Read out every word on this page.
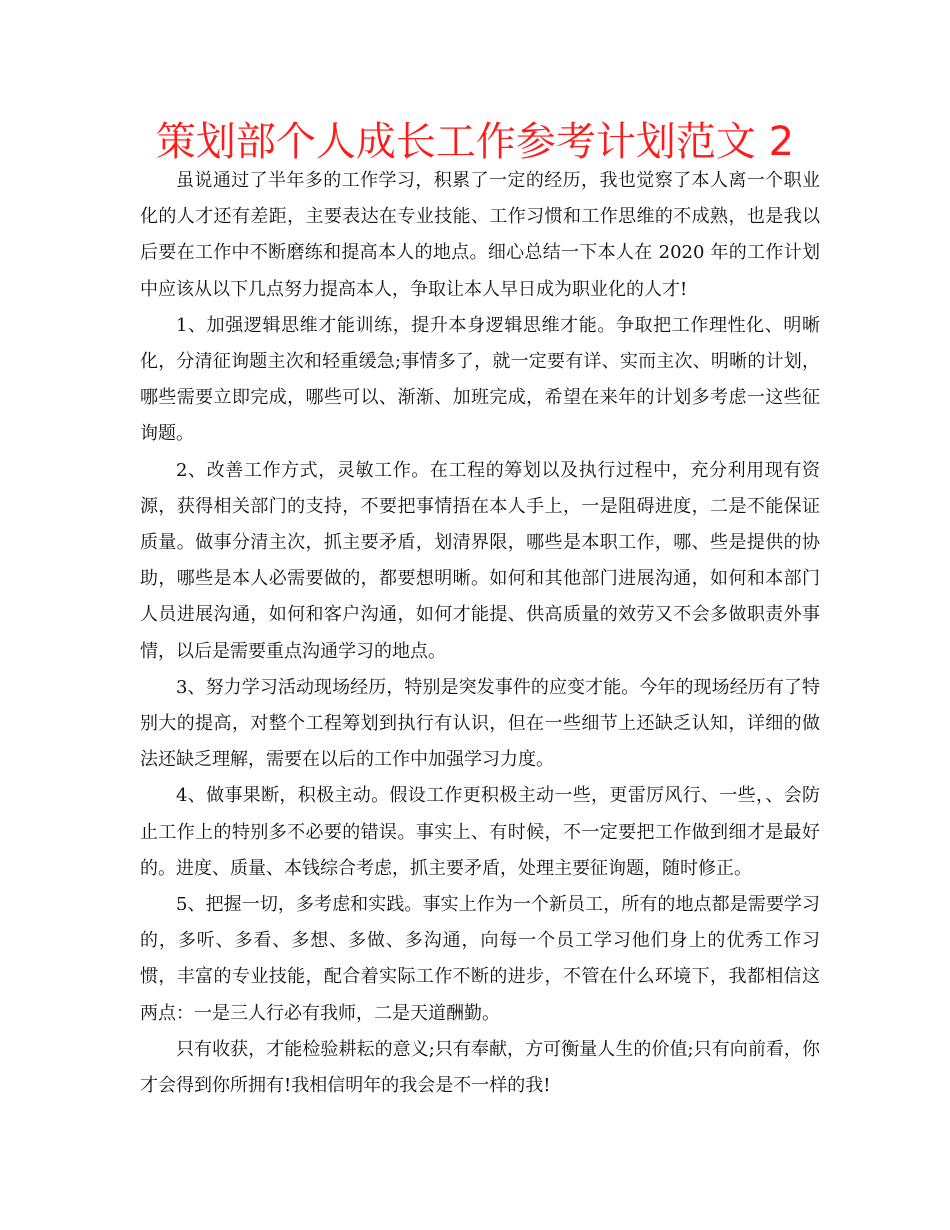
策划部个人成长工作参考计划范文 2

虽说通过了半年多的工作学习，积累了一定的经历，我也觉察了本人离一个职业化的人才还有差距，主要表达在专业技能、工作习惯和工作思维的不成熟，也是我以后要在工作中不断磨练和提高本人的地点。细心总结一下本人在 2020 年的工作计划中应该从以下几点努力提高本人，争取让本人早日成为职业化的人才!

1、加强逻辑思维才能训练，提升本身逻辑思维才能。争取把工作理性化、明晰化，分清征询题主次和轻重缓急;事情多了，就一定要有详、实而主次、明晰的计划，哪些需要立即完成，哪些可以、渐渐、加班完成，希望在来年的计划多考虑一这些征询题。

2、改善工作方式，灵敏工作。在工程的筹划以及执行过程中，充分利用现有资源，获得相关部门的支持，不要把事情捂在本人手上，一是阻碍进度，二是不能保证质量。做事分清主次，抓主要矛盾，划清界限，哪些是本职工作，哪、些是提供的协助，哪些是本人必需要做的，都要想明晰。如何和其他部门进展沟通，如何和本部门人员进展沟通，如何和客户沟通，如何才能提、供高质量的效劳又不会多做职责外事情，以后是需要重点沟通学习的地点。

3、努力学习活动现场经历，特别是突发事件的应变才能。今年的现场经历有了特别大的提高，对整个工程筹划到执行有认识，但在一些细节上还缺乏认知，详细的做法还缺乏理解，需要在以后的工作中加强学习力度。

4、做事果断，积极主动。假设工作更积极主动一些，更雷厉风行、一些，、会防止工作上的特别多不必要的错误。事实上、有时候，不一定要把工作做到细才是最好的。进度、质量、本钱综合考虑，抓主要矛盾，处理主要征询题，随时修正。

5、把握一切，多考虑和实践。事实上作为一个新员工，所有的地点都是需要学习的，多听、多看、多想、多做、多沟通，向每一个员工学习他们身上的优秀工作习惯，丰富的专业技能，配合着实际工作不断的进步，不管在什么环境下，我都相信这两点：一是三人行必有我师，二是天道酬勤。

只有收获，才能检验耕耘的意义;只有奉献，方可衡量人生的价值;只有向前看，你才会得到你所拥有!我相信明年的我会是不一样的我!
